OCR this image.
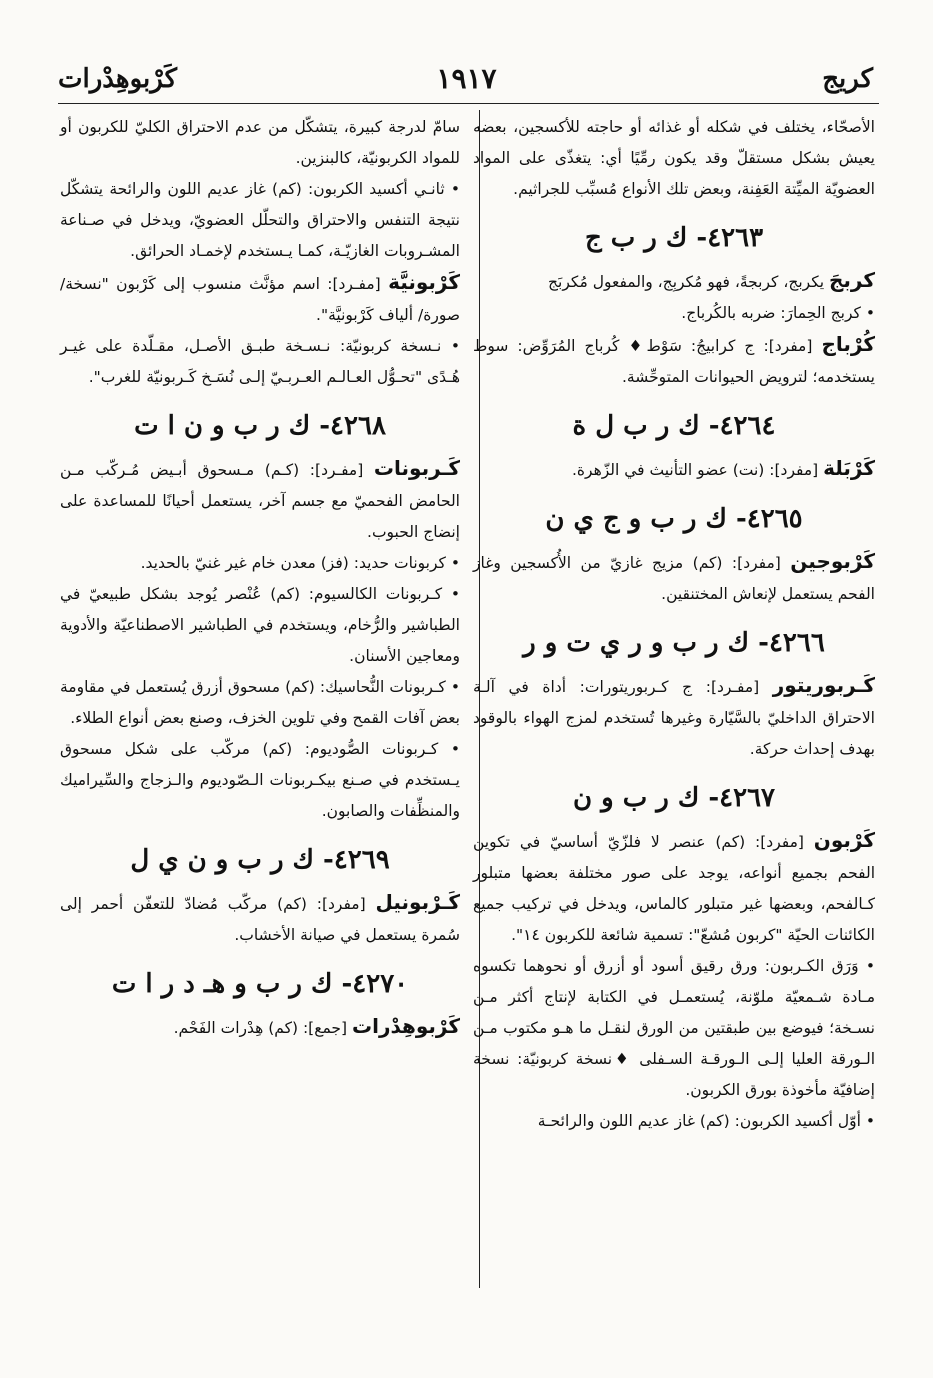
كريج
١٩١٧
كَرْبوهِدْرات

الأصحّاء، يختلف في شكله أو غذائه أو حاجته للأكسجين، بعضه يعيش بشكل مستقلّ وقد يكون رمِّيًا أي: يتغذّى على المواد العضويّة الميِّتة العَفِنة، وبعض تلك الأنواع مُسبِّب للجراثيم.

٤٢٦٣- ك ر ب ج

كربجَ يكربج، كربجةً، فهو مُكربِج، والمفعول مُكربَج

• كربج الحِمارَ: ضربه بالكُرباج.

كُرْباج [مفرد]: ج كرابيجُ: سَوْط♦ كُرباج المُرَوِّض: سوط يستخدمه؛ لترويض الحيوانات المتوحِّشة.

٤٢٦٤- ك ر ب ل ة

كَرْبَلة [مفرد]: (نت) عضو التأنيث في الزّهرة.

٤٢٦٥- ك ر ب و ج ي ن

كَرْبوجين [مفرد]: (كم) مزيج غازيّ من الأُكسجين وغاز الفحم يستعمل لإنعاش المختنقين.

٤٢٦٦- ك ر ب و ر ي ت و ر

كَـربوريتور [مفـرد]: ج كـربوريتورات: أداة في آلـة الاحتراق الداخليّ بالسَّيّارة وغيرها تُستخدم لمزج الهواء بالوقود بهدف إحداث حركة.

٤٢٦٧- ك ر ب و ن

كَرْبون [مفرد]: (كم) عنصر لا فلزّيّ أساسيّ في تكوين الفحم بجميع أنواعه، يوجد على صور مختلفة بعضها متبلور كـالفحم، وبعضها غير متبلور كالماس، ويدخل في تركيب جميع الكائنات الحيّة "كربون مُشعّ": تسمية شائعة للكربون ١٤".

• وَرَق الكـربون: ورق رقيق أسود أو أزرق أو نحوهما تكسوه مـادة شـمعيّة ملوّنة، يُستعمـل في الكتابة لإنتاج أكثر مـن نسـخة؛ فيوضع بين طبقتين من الورق لنقـل ما هـو مكتوب مـن الـورقة العليا إلـى الـورقـة السـفلى ♦نسخة كربونيّة: نسخة إضافيّة مأخوذة بورق الكربون.

• أوّل أكسيد الكربون: (كم) غاز عديم اللون والرائحـة

سامّ لدرجة كبيرة، يتشكّل من عدم الاحتراق الكليّ للكربون أو للمواد الكربونيّة، كالبنزين.

• ثانـي أكسيد الكربون: (كم) غاز عديم اللون والرائحة يتشكّل نتيجة التنفس والاحتراق والتحلّل العضويّ، ويدخل في صـناعة المشـروبات الغازيّـة، كمـا يـستخدم لإخمـاد الحرائق.

كَرْبونيَّة [مفـرد]: اسم مؤنَّث منسوب إلى كَرْبون "نسخة/ صورة/ ألياف كَرْبونيَّة".

• نـسخة كربونيّة: نـسـخة طبـق الأصـل، مقـلّدة على غيـر هُـدًى "تحـوُّل العـالـم العـربـيّ إلـى نُسَـخ كَـربونيّة للغرب".

٤٢٦٨- ك ر ب و ن ا ت

كَـربونات [مفـرد]: (كـم) مـسحوق أبـيض مُـركّب مـن الحامض الفحميّ مع جسم آخر، يستعمل أحيانًا للمساعدة على إنضاج الحبوب.

• كربونات حديد: (فز) معدن خام غير غنيّ بالحديد.

• كـربونات الكالسيوم: (كم) عُنْصر يُوجد بشكل طبيعيّ في الطباشير والرُّخام، ويستخدم في الطباشير الاصطناعيّة والأدوية ومعاجين الأسنان.

• كـربونات النُّحاسيك: (كم) مسحوق أزرق يُستعمل في مقاومة بعض آفات القمح وفي تلوين الخزف، وصنع بعض أنواع الطلاء.

• كـربونات الصُّوديوم: (كم) مركّب على شكل مسحوق يـستخدم في صـنع بيكـربونات الـصّوديوم والـزجاج والسِّيراميك والمنظِّفات والصابون.

٤٢٦٩- ك ر ب و ن ي ل

كَـرْبونيل [مفرد]: (كم) مركّب مُضادّ للتعفّن أحمر إلى سُمرة يستعمل في صيانة الأخشاب.

٤٢٧٠- ك ر ب و هـ د ر ا ت

كَرْبوهِدْرات [جمع]: (كم) هِدْرات الفَحْم.
